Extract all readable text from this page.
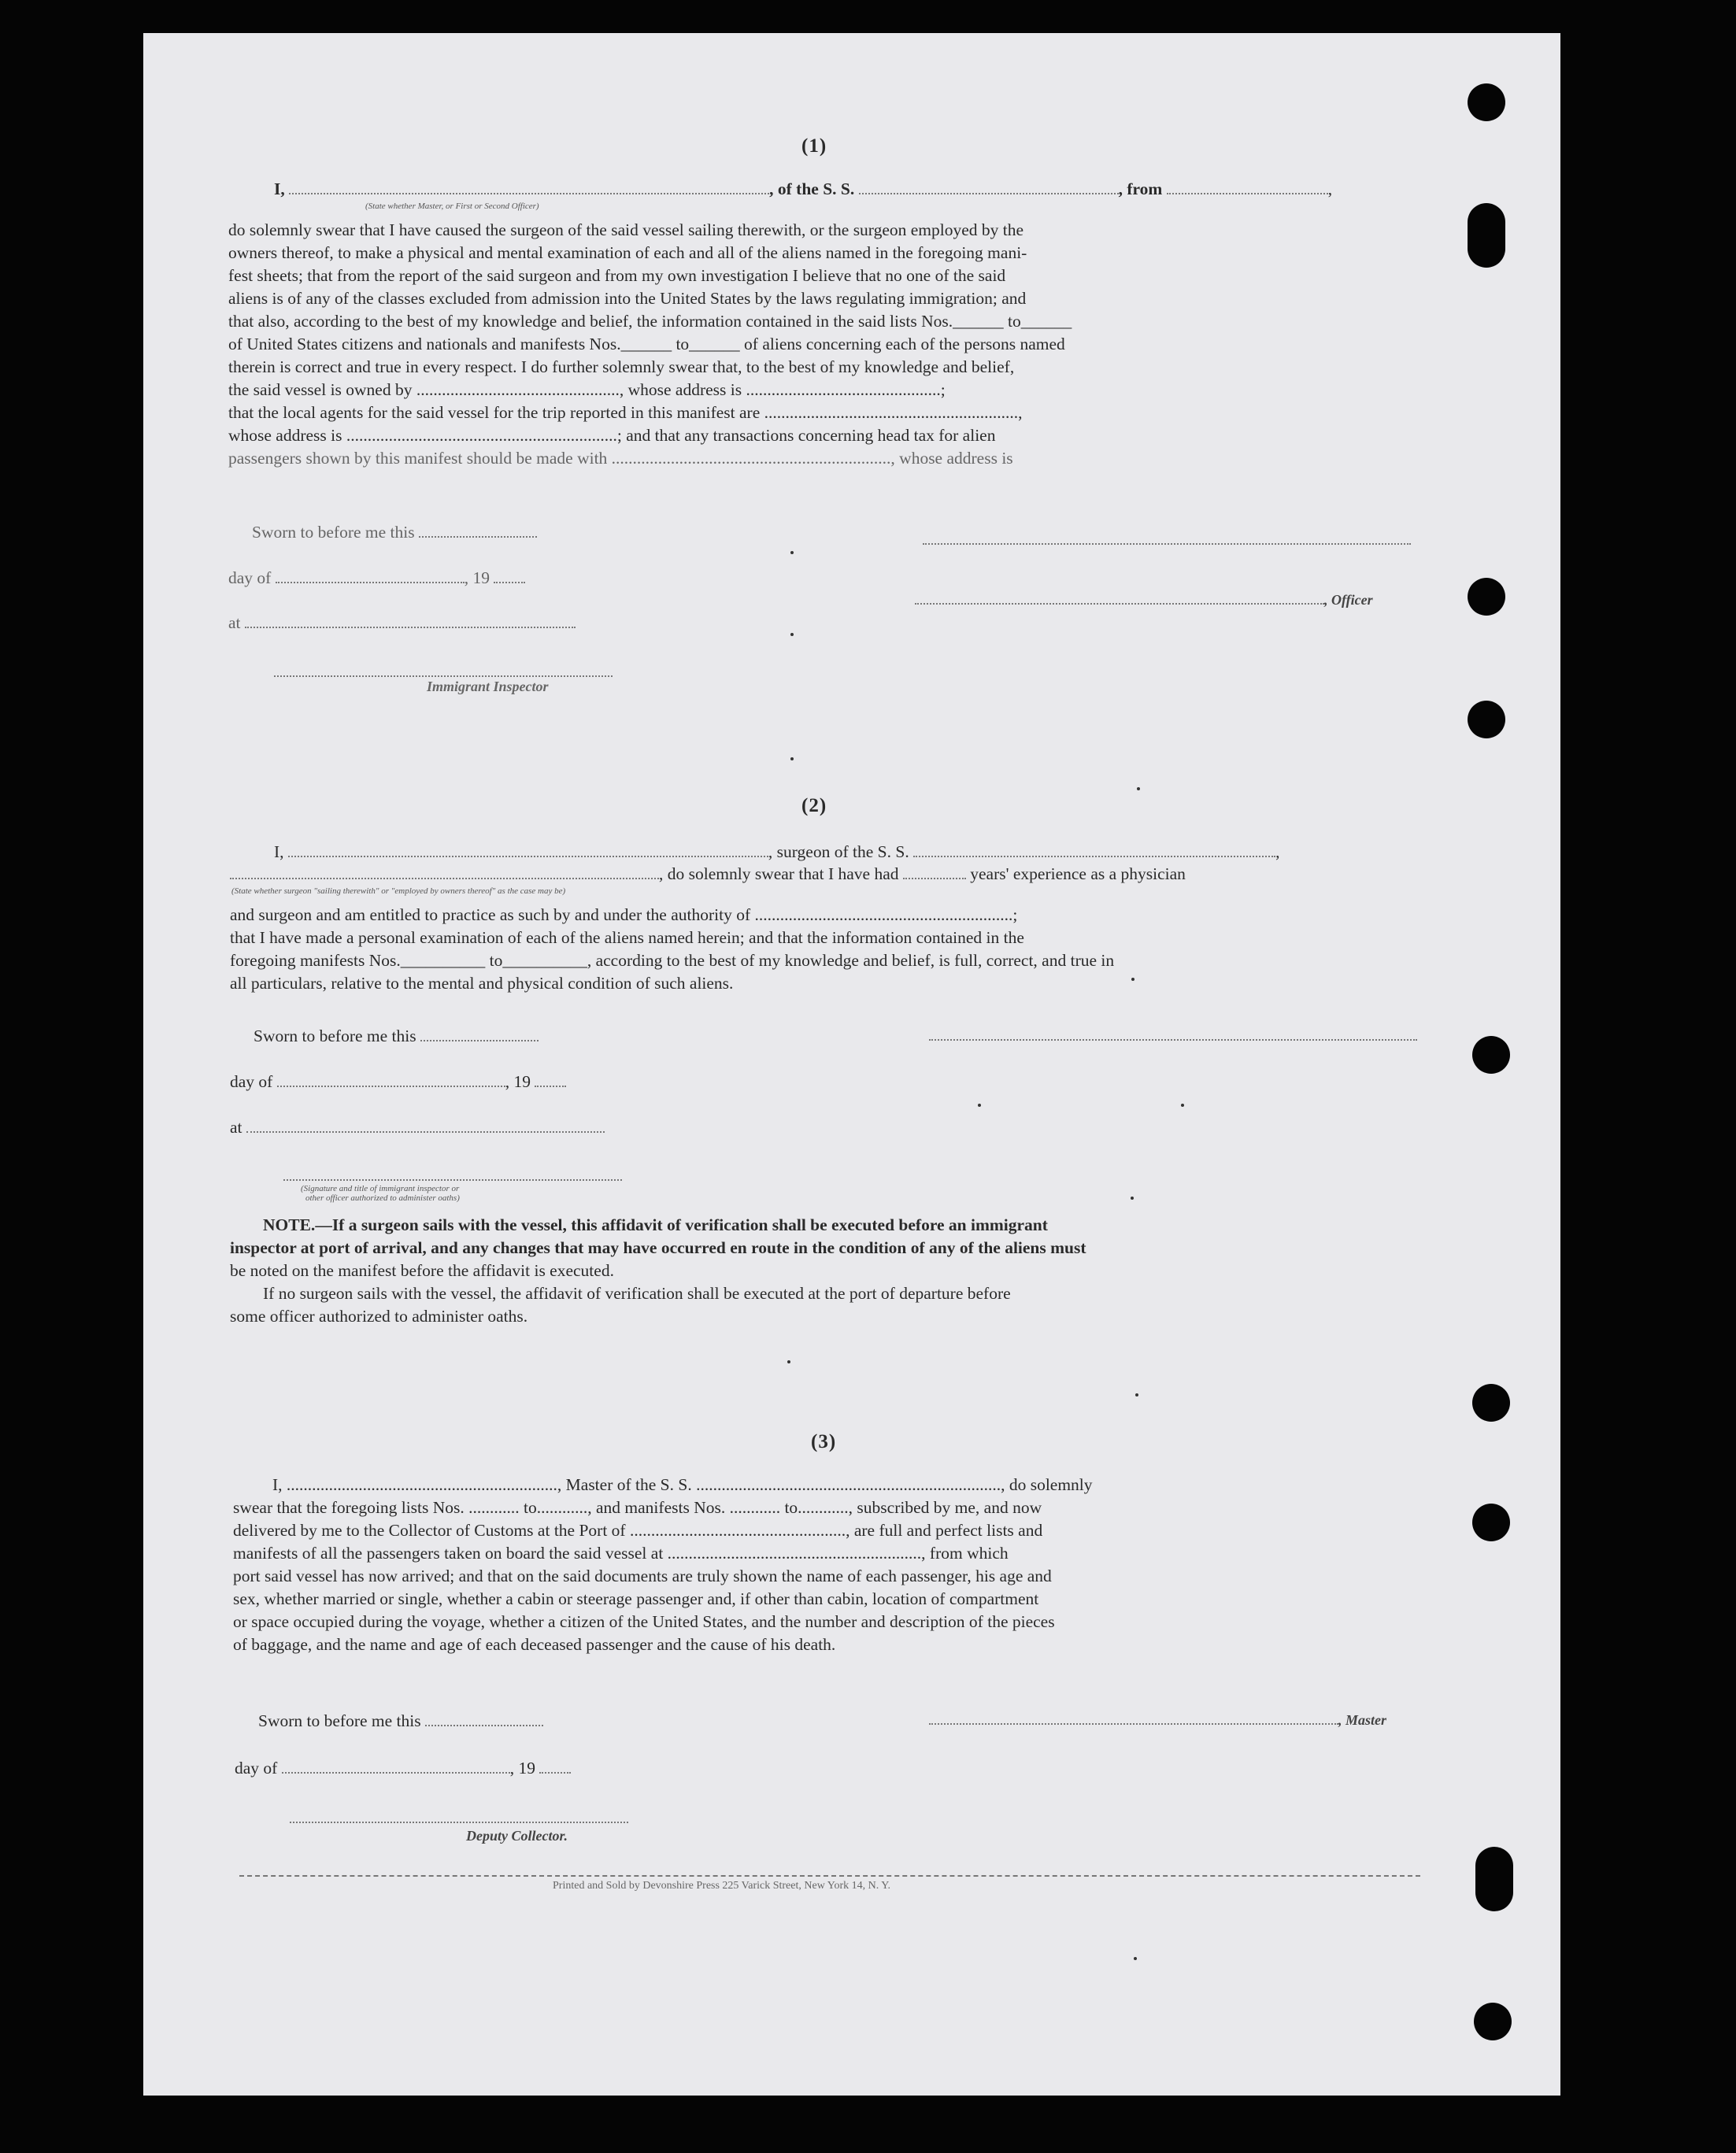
(1)
I,	, of the S. S.	, from	,
(State whether Master, or First or Second Officer)
do solemnly swear that I have caused the surgeon of the said vessel sailing therewith, or the surgeon employed by the
owners thereof, to make a physical and mental examination of each and all of the aliens named in the foregoing mani-
fest sheets; that from the report of the said surgeon and from my own investigation I believe that no one of the said
aliens is of any of the classes excluded from admission into the United States by the laws regulating immigration; and
that also, according to the best of my knowledge and belief, the information contained in the said lists Nos.______ to______
of United States citizens and nationals and manifests Nos.______ to______ of aliens concerning each of the persons named
therein is correct and true in every respect. I do further solemnly swear that, to the best of my knowledge and belief,
the said vessel is owned by ................................................, whose address is ..............................................;
that the local agents for the said vessel for the trip reported in this manifest are ............................................................,
whose address is ................................................................; and that any transactions concerning head tax for alien
passengers shown by this manifest should be made with .................................................................., whose address is
Sworn to before me this
day of	, 19
, Officer
at
Immigrant Inspector
(2)
I,	, surgeon of the S. S.	,
, do solemnly swear that I have had	years' experience as a physician
(State whether surgeon "sailing therewith" or "employed by owners thereof" as the case may be)
and surgeon and am entitled to practice as such by and under the authority of .............................................................;
that I have made a personal examination of each of the aliens named herein; and that the information contained in the
foregoing manifests Nos.__________ to__________, according to the best of my knowledge and belief, is full, correct, and true in
all particulars, relative to the mental and physical condition of such aliens.
Sworn to before me this
day of	, 19
at
(Signature and title of immigrant inspector or
other officer authorized to administer oaths)
NOTE.—If a surgeon sails with the vessel, this affidavit of verification shall be executed before an immigrant
inspector at port of arrival, and any changes that may have occurred en route in the condition of any of the aliens must
be noted on the manifest before the affidavit is executed.
If no surgeon sails with the vessel, the affidavit of verification shall be executed at the port of departure before
some officer authorized to administer oaths.
(3)
I, ................................................................, Master of the S. S. ........................................................................, do solemnly
swear that the foregoing lists Nos. ............ to............, and manifests Nos. ............ to............, subscribed by me, and now
delivered by me to the Collector of Customs at the Port of ..................................................., are full and perfect lists and
manifests of all the passengers taken on board the said vessel at ............................................................, from which
port said vessel has now arrived; and that on the said documents are truly shown the name of each passenger, his age and
sex, whether married or single, whether a cabin or steerage passenger and, if other than cabin, location of compartment
or space occupied during the voyage, whether a citizen of the United States, and the number and description of the pieces
of baggage, and the name and age of each deceased passenger and the cause of his death.
Sworn to before me this	, Master
day of	, 19
Deputy Collector.
Printed and Sold by Devonshire Press 225 Varick Street, New York 14, N. Y.
